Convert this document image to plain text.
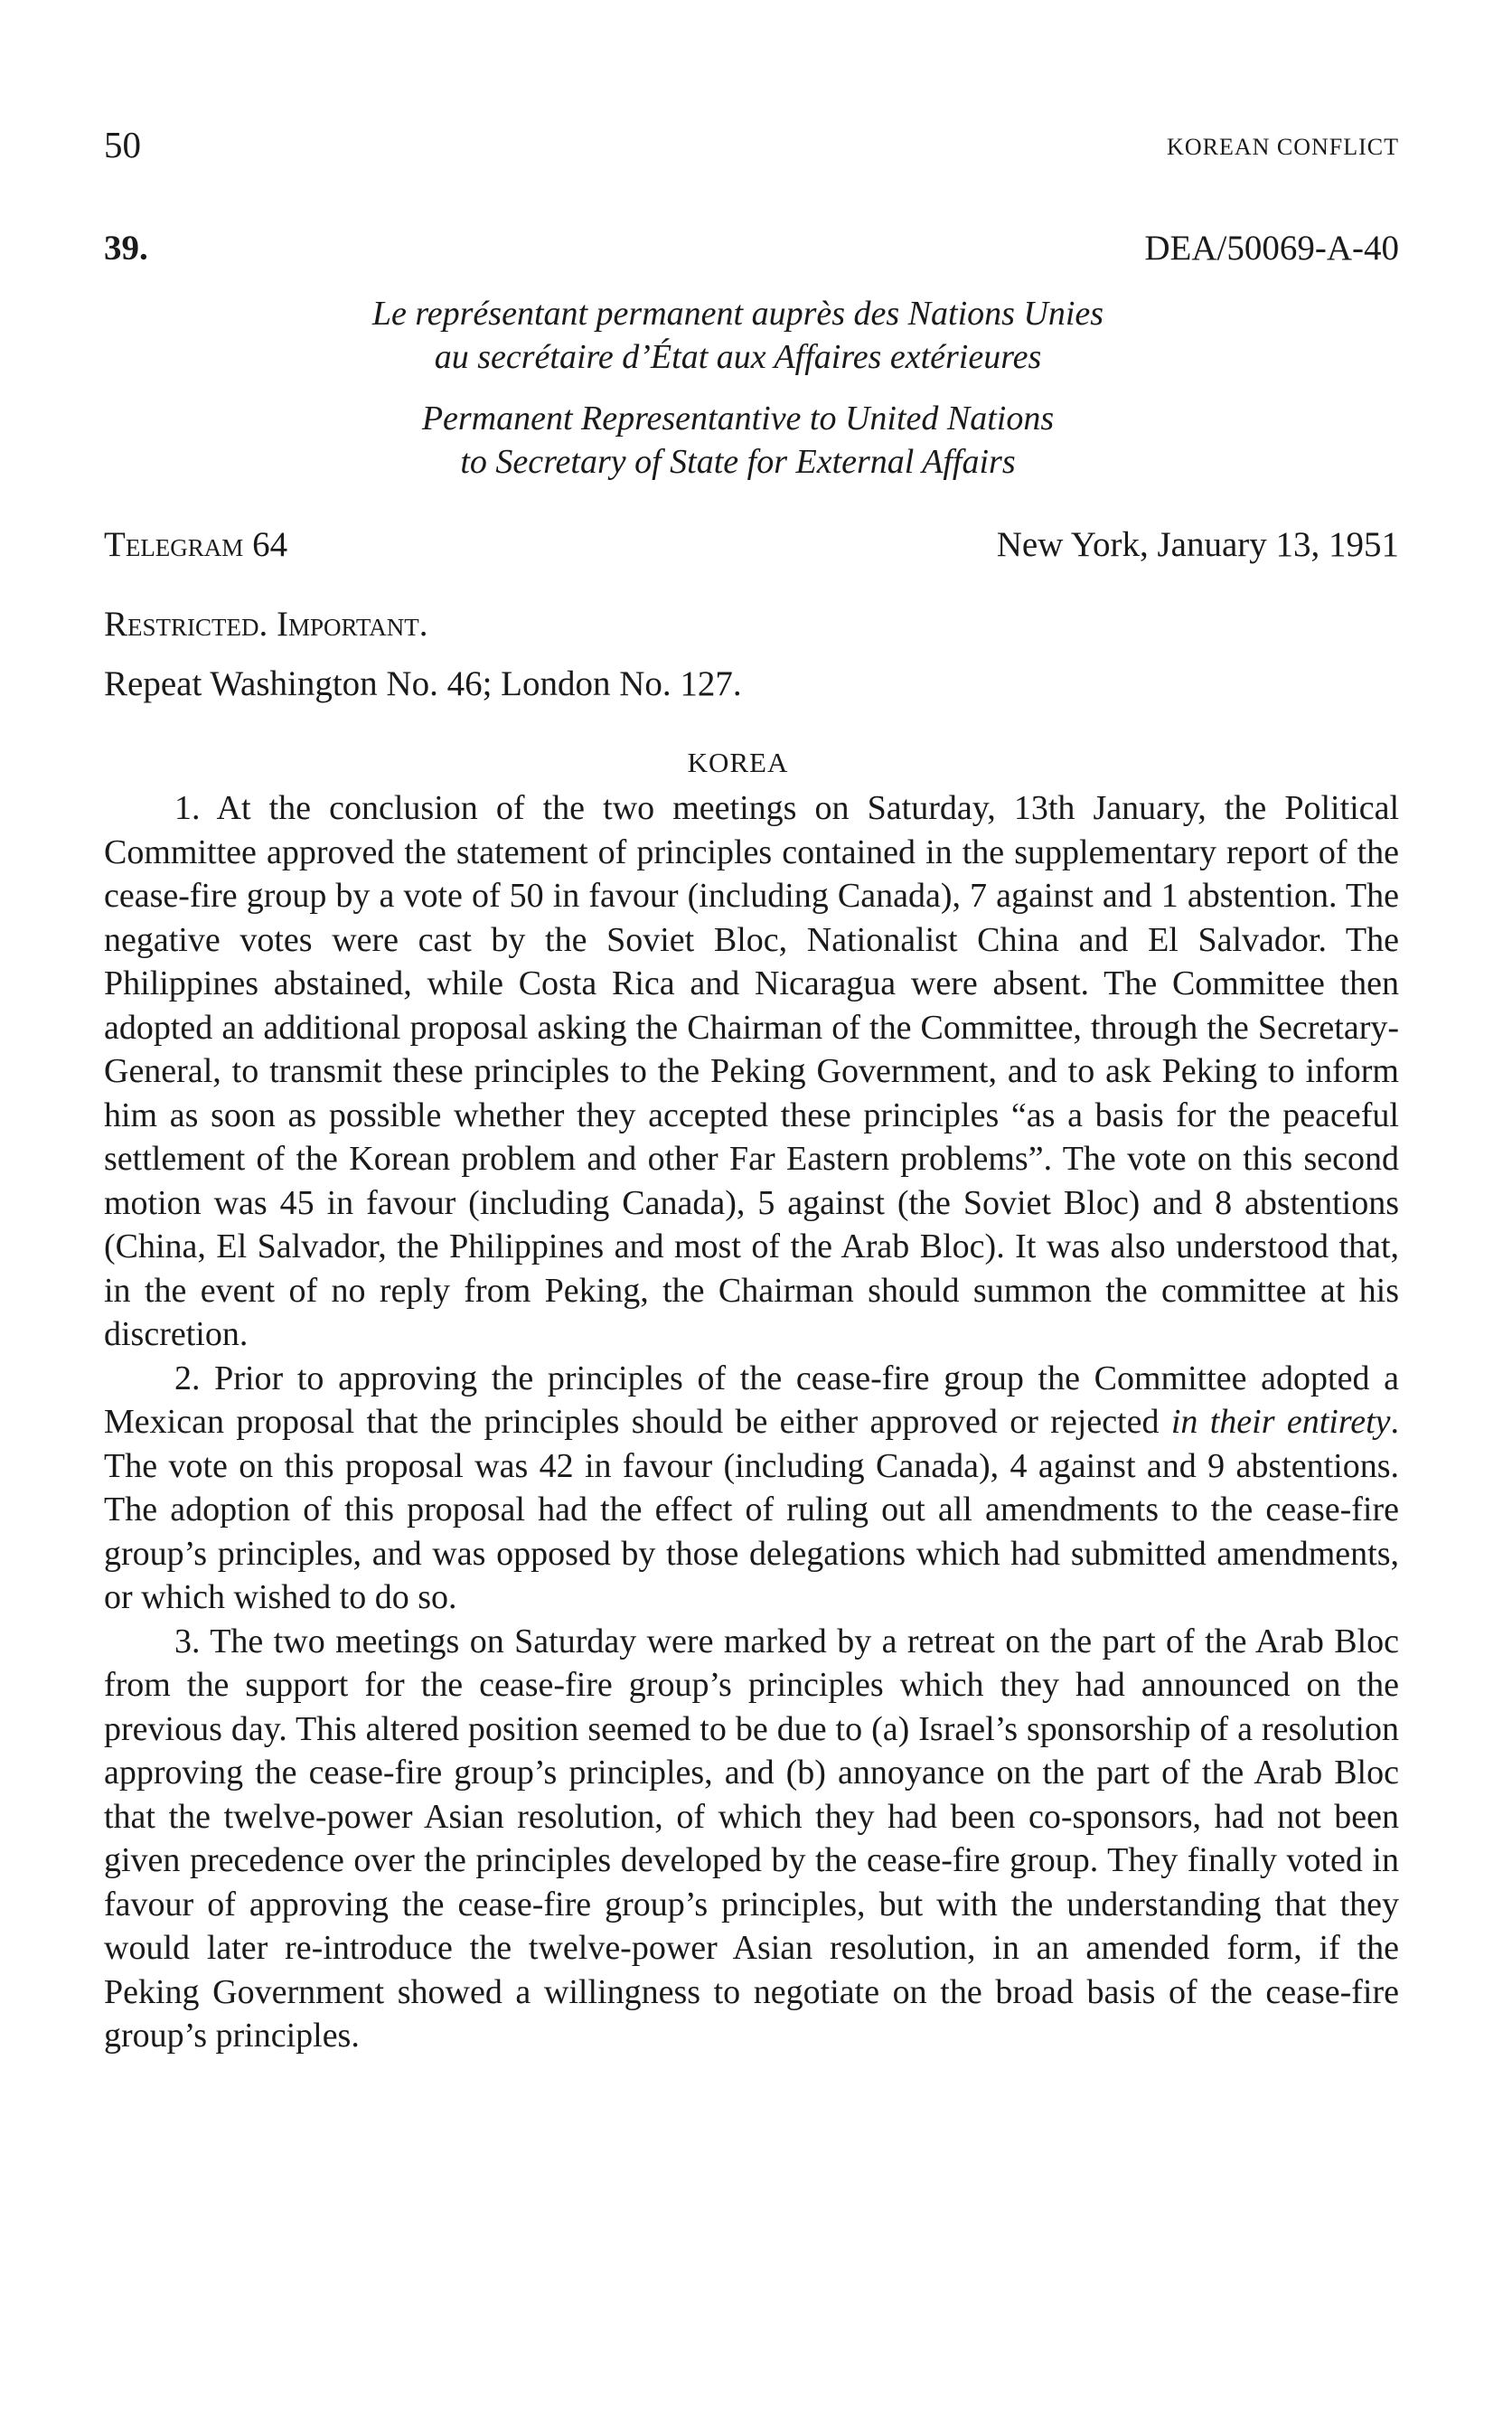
50	KOREAN CONFLICT
39.	DEA/50069-A-40
Le représentant permanent auprès des Nations Unies
au secrétaire d’État aux Affaires extérieures
Permanent Representantive to United Nations
to Secretary of State for External Affairs
Telegram 64	New York, January 13, 1951
Restricted. Important.
Repeat Washington No. 46; London No. 127.
KOREA

1. At the conclusion of the two meetings on Saturday, 13th January, the Political Committee approved the statement of principles contained in the supplementary report of the cease-fire group by a vote of 50 in favour (including Canada), 7 against and 1 abstention. The negative votes were cast by the Soviet Bloc, Nationalist China and El Salvador. The Philippines abstained, while Costa Rica and Nicaragua were absent. The Committee then adopted an additional proposal asking the Chairman of the Committee, through the Secretary-General, to transmit these principles to the Peking Government, and to ask Peking to inform him as soon as possible whether they accepted these principles “as a basis for the peaceful settlement of the Korean problem and other Far Eastern problems”. The vote on this second motion was 45 in favour (including Canada), 5 against (the Soviet Bloc) and 8 abstentions (China, El Salvador, the Philippines and most of the Arab Bloc). It was also understood that, in the event of no reply from Peking, the Chairman should summon the committee at his discretion.

2. Prior to approving the principles of the cease-fire group the Committee adopted a Mexican proposal that the principles should be either approved or rejected in their entirety. The vote on this proposal was 42 in favour (including Canada), 4 against and 9 abstentions. The adoption of this proposal had the effect of ruling out all amendments to the cease-fire group’s principles, and was opposed by those delegations which had submitted amendments, or which wished to do so.

3. The two meetings on Saturday were marked by a retreat on the part of the Arab Bloc from the support for the cease-fire group’s principles which they had announced on the previous day. This altered position seemed to be due to (a) Israel’s sponsorship of a resolution approving the cease-fire group’s principles, and (b) annoyance on the part of the Arab Bloc that the twelve-power Asian resolution, of which they had been co-sponsors, had not been given precedence over the principles developed by the cease-fire group. They finally voted in favour of approving the cease-fire group’s principles, but with the understanding that they would later re-introduce the twelve-power Asian resolution, in an amended form, if the Peking Government showed a willingness to negotiate on the broad basis of the cease-fire group’s principles.
